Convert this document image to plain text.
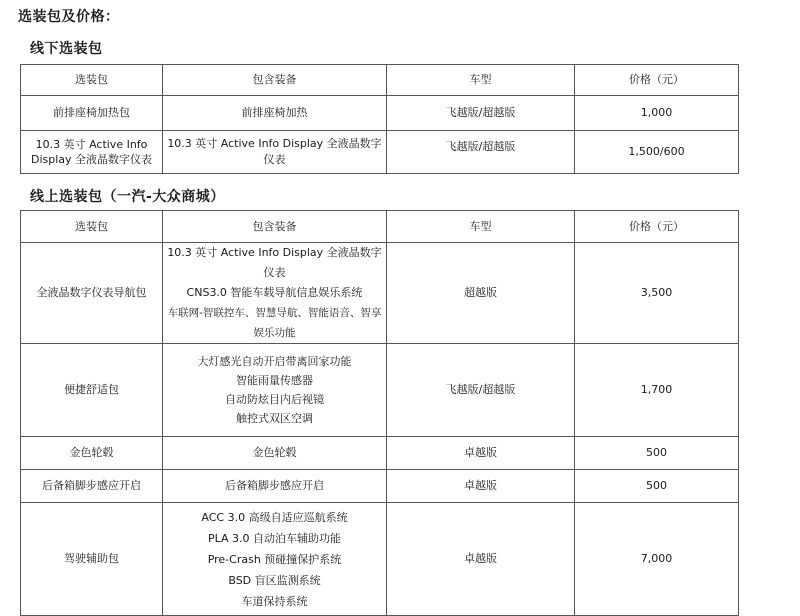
选装包及价格：
线下选装包
选装包	包含装备	车型	价格（元）
前排座椅加热包	前排座椅加热	飞越版/超越版	1,000
10.3 英寸 Active Info Display 全液晶数字仪表	10.3 英寸 Active Info Display 全液晶数字仪表	飞越版/超越版	1,500/600
线上选装包（一汽-大众商城）
选装包	包含装备	车型	价格（元）
全液晶数字仪表导航包	10.3 英寸 Active Info Display 全液晶数字仪表
CNS3.0 智能车载导航信息娱乐系统
车联网-智联控车、智慧导航、智能语音、智享娱乐功能	超越版	3,500
便捷舒适包	大灯感光自动开启带离回家功能
智能雨量传感器
自动防炫目内后视镜
触控式双区空调	飞越版/超越版	1,700
金色轮毂	金色轮毂	卓越版	500
后备箱脚步感应开启	后备箱脚步感应开启	卓越版	500
驾驶辅助包	ACC 3.0 高级自适应巡航系统
PLA 3.0 自动泊车辅助功能
Pre-Crash 预碰撞保护系统
BSD 盲区监测系统
车道保持系统	卓越版	7,000
